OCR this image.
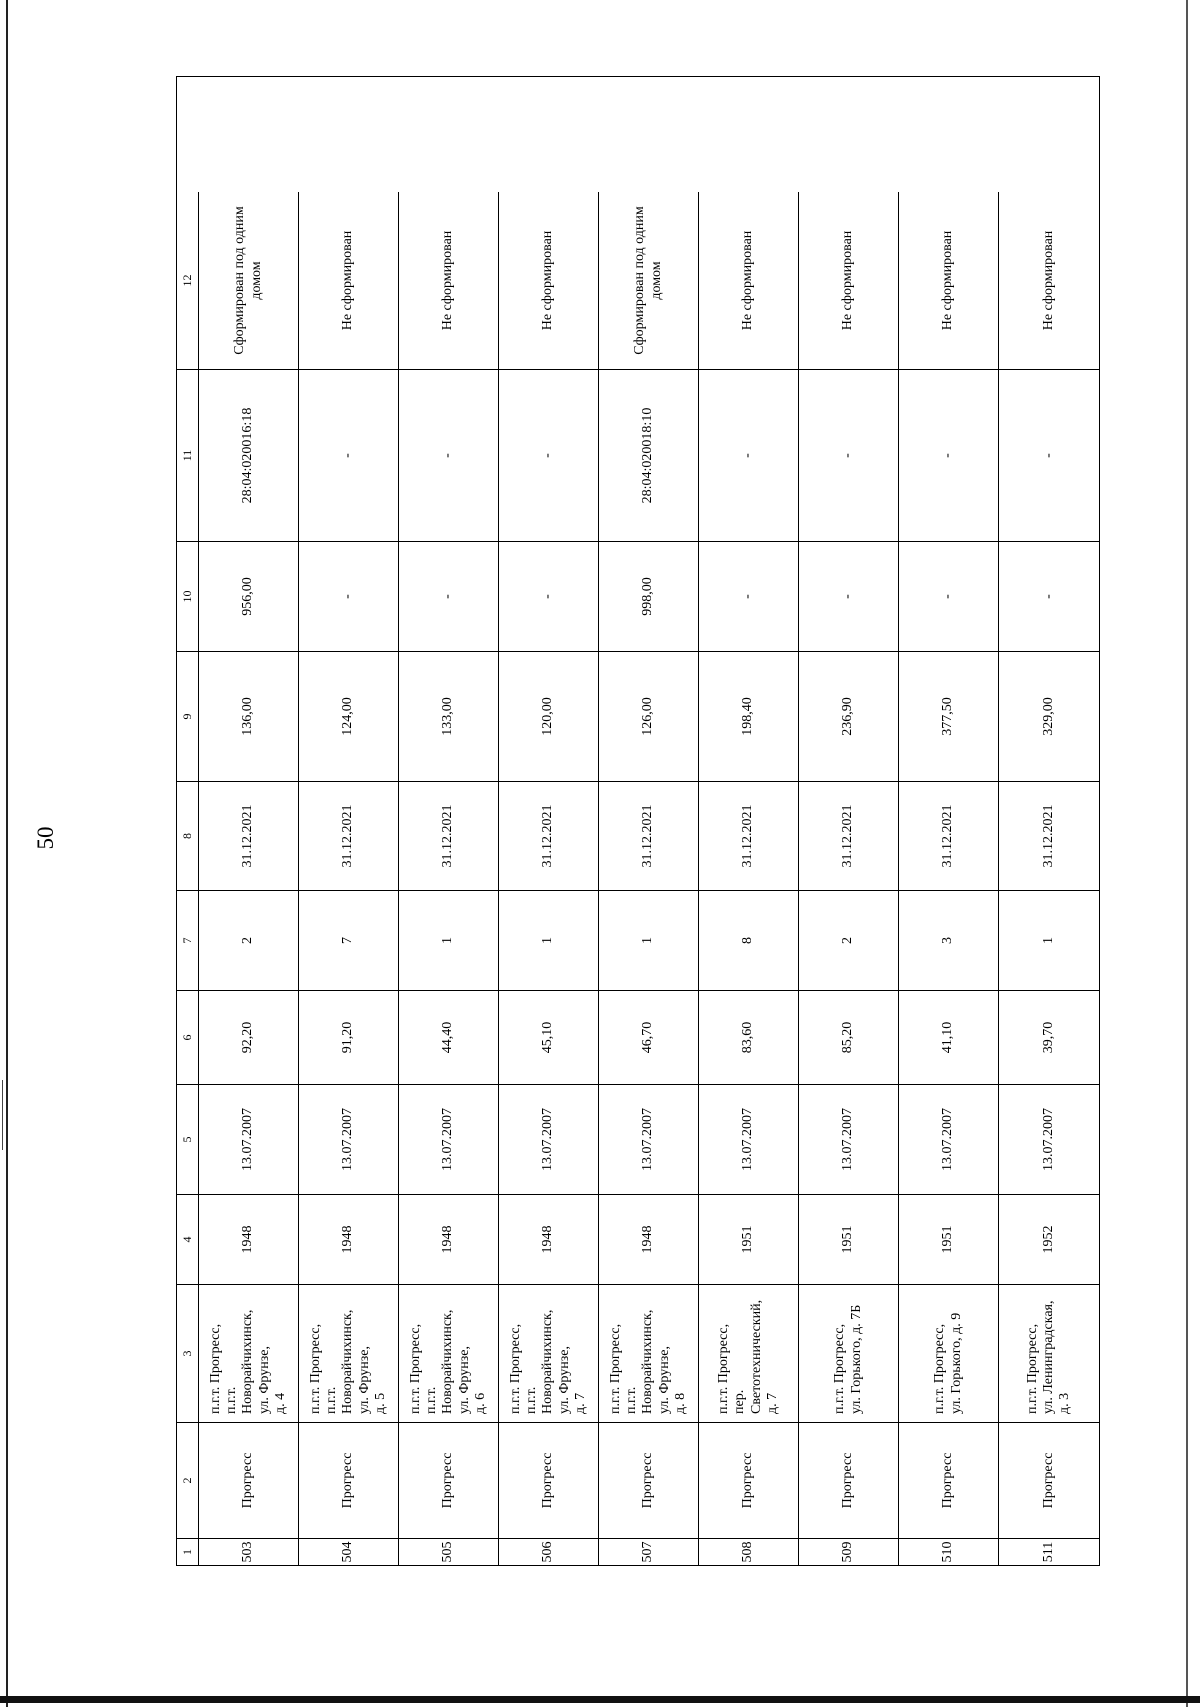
50
1
2
3
4
5
6
7
8
9
10
11
12
503
Прогресс
п.г.т. Прогресс,
п.г.т. Новорайчихинск,
ул. Фрунзе,
д. 4
1948
13.07.2007
92,20
2
31.12.2021
136,00
956,00
28:04:020016:18
Сформирован под одним домом
504
Прогресс
п.г.т. Прогресс,
п.г.т. Новорайчихинск,
ул. Фрунзе,
д. 5
1948
13.07.2007
91,20
7
31.12.2021
124,00
-
-
Не сформирован
505
Прогресс
п.г.т. Прогресс,
п.г.т. Новорайчихинск,
ул. Фрунзе,
д. 6
1948
13.07.2007
44,40
1
31.12.2021
133,00
-
-
Не сформирован
506
Прогресс
п.г.т. Прогресс,
п.г.т. Новорайчихинск,
ул. Фрунзе,
д. 7
1948
13.07.2007
45,10
1
31.12.2021
120,00
-
-
Не сформирован
507
Прогресс
п.г.т. Прогресс,
п.г.т. Новорайчихинск,
ул. Фрунзе,
д. 8
1948
13.07.2007
46,70
1
31.12.2021
126,00
998,00
28:04:020018:10
Сформирован под одним домом
508
Прогресс
п.г.т. Прогресс,
пер. Светотехнический,
д. 7
1951
13.07.2007
83,60
8
31.12.2021
198,40
-
-
Не сформирован
509
Прогресс
п.г.т. Прогресс,
ул. Горького, д. 7Б
1951
13.07.2007
85,20
2
31.12.2021
236,90
-
-
Не сформирован
510
Прогресс
п.г.т. Прогресс,
ул. Горького, д. 9
1951
13.07.2007
41,10
3
31.12.2021
377,50
-
-
Не сформирован
511
Прогресс
п.г.т. Прогресс,
ул. Ленинградская, д. 3
1952
13.07.2007
39,70
1
31.12.2021
329,00
-
-
Не сформирован
